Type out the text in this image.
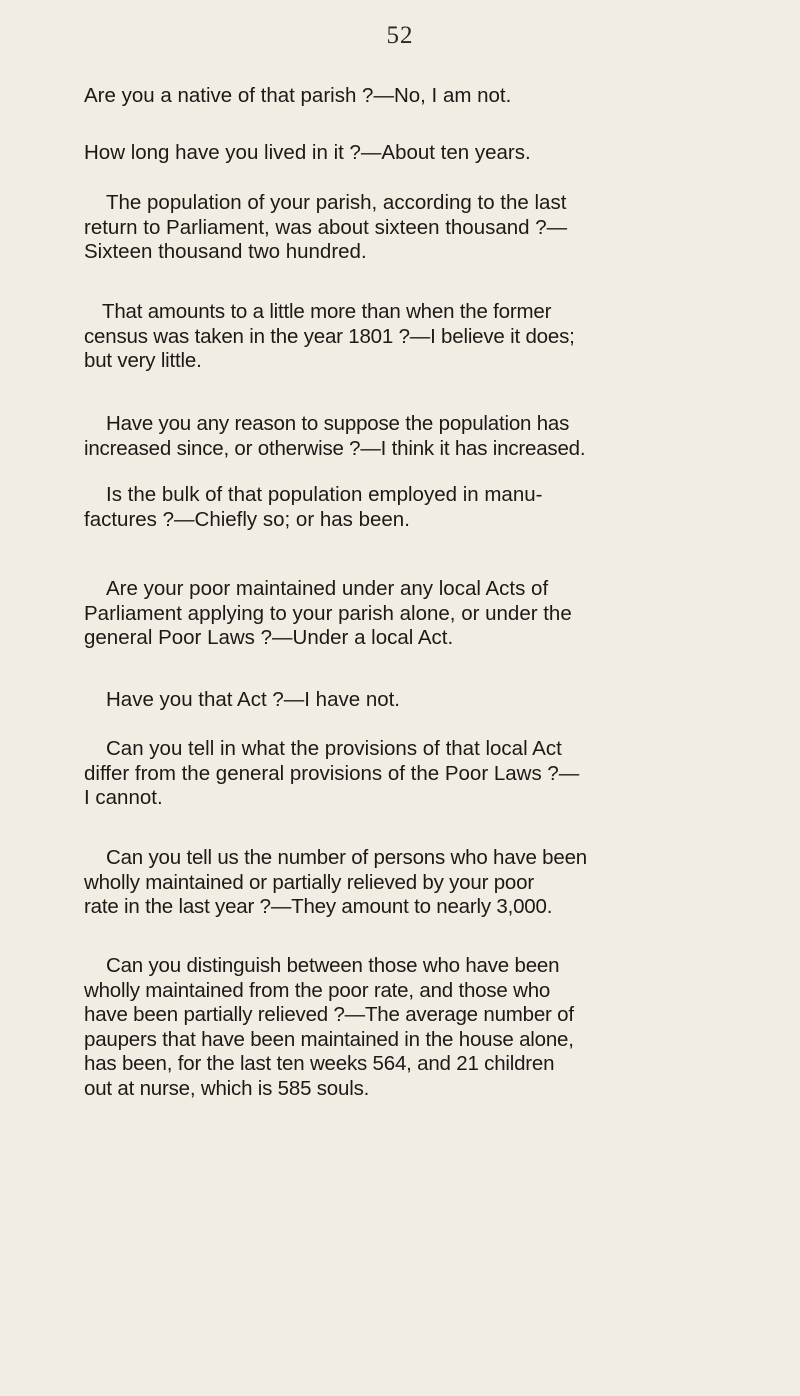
52
Are you a native of that parish ?—No, I am not.
How long have you lived in it ?—About ten years.
The population of your parish, according to the last
return to Parliament, was about sixteen thousand ?—
Sixteen thousand two hundred.
That amounts to a little more than when the former
census was taken in the year 1801 ?—I believe it does;
but very little.
Have you any reason to suppose the population has
increased since, or otherwise ?—I think it has increased.
Is the bulk of that population employed in manu-
factures ?—Chiefly so; or has been.
Are your poor maintained under any local Acts of
Parliament applying to your parish alone, or under the
general Poor Laws ?—Under a local Act.
Have you that Act ?—I have not.
Can you tell in what the provisions of that local Act
differ from the general provisions of the Poor Laws ?—
I cannot.
Can you tell us the number of persons who have been
wholly maintained or partially relieved by your poor
rate in the last year ?—They amount to nearly 3,000.
Can you distinguish between those who have been
wholly maintained from the poor rate, and those who
have been partially relieved ?—The average number of
paupers that have been maintained in the house alone,
has been, for the last ten weeks 564, and 21 children
out at nurse, which is 585 souls.
